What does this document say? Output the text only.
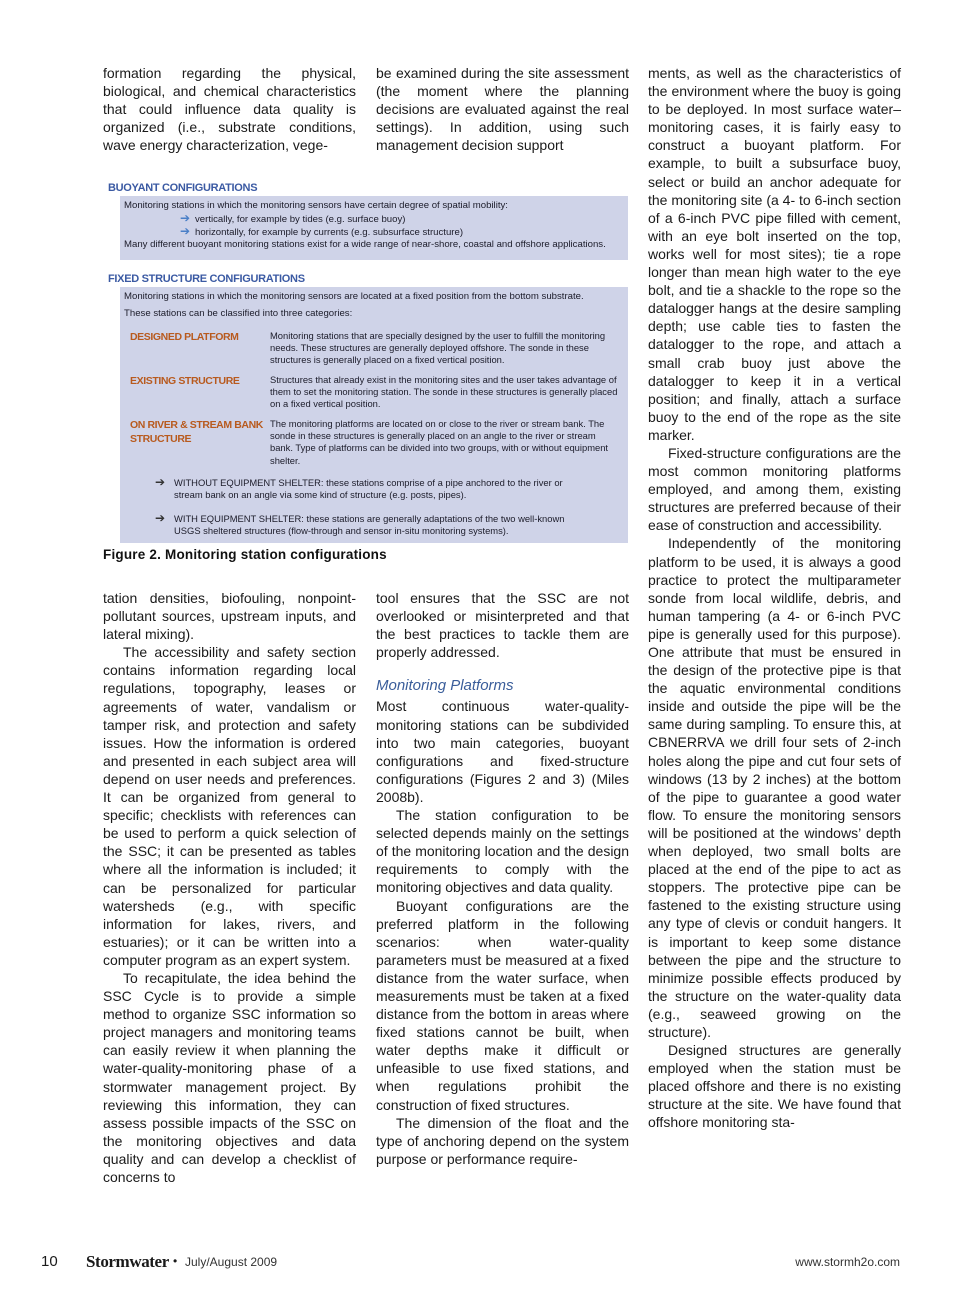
formation regarding the physical, biological, and chemical characteristics that could influence data quality is organized (i.e., substrate conditions, wave energy characterization, vege-

be examined during the site assessment (the moment where the planning decisions are evaluated against the real settings). In addition, using such management decision support

BUOYANT CONFIGURATIONS
Monitoring stations in which the monitoring sensors have certain degree of spatial mobility:
➔ vertically, for example by tides (e.g. surface buoy)
➔ horizontally, for example by currents (e.g. subsurface structure)
Many different buoyant monitoring stations exist for a wide range of near-shore, coastal and offshore applications.
FIXED STRUCTURE CONFIGURATIONS
Monitoring stations in which the monitoring sensors are located at a fixed position from the bottom substrate.
These stations can be classified into three categories:
DESIGNED PLATFORM	Monitoring stations that are specially designed by the user to fulfill the monitoring needs. These structures are generally deployed offshore. The sonde in these structures is generally placed on a fixed vertical position.
EXISTING STRUCTURE	Structures that already exist in the monitoring sites and the user takes advantage of them to set the monitoring station. The sonde in these structures is generally placed on a fixed vertical position.
ON RIVER & STREAM BANK STRUCTURE
The monitoring platforms are located on or close to the river or stream bank. The sonde in these structures is generally placed on an angle to the river or stream bank. Type of platforms can be divided into two groups, with or without equipment shelter.
➔ WITHOUT EQUIPMENT SHELTER: these stations comprise of a pipe anchored to the river or stream bank on an angle via some kind of structure (e.g. posts, pipes).
➔ WITH EQUIPMENT SHELTER: these stations are generally adaptations of the two well-known USGS sheltered structures (flow-through and sensor in-situ monitoring systems).
Figure 2. Monitoring station configurations

tation densities, biofouling, nonpoint-pollutant sources, upstream inputs, and lateral mixing).

The accessibility and safety section contains information regarding local regulations, topography, leases or agreements of water, vandalism or tamper risk, and protection and safety issues. How the information is ordered and presented in each subject area will depend on user needs and preferences. It can be organized from general to specific; checklists with references can be used to perform a quick selection of the SSC; it can be presented as tables where all the information is included; it can be personalized for particular watersheds (e.g., with specific information for lakes, rivers, and estuaries); or it can be written into a computer program as an expert system.

To recapitulate, the idea behind the SSC Cycle is to provide a simple method to organize SSC information so project managers and monitoring teams can easily review it when planning the water-quality-monitoring phase of a stormwater management project. By reviewing this information, they can assess possible impacts of the SSC on the monitoring objectives and data quality and can develop a checklist of concerns to

tool ensures that the SSC are not overlooked or misinterpreted and that the best practices to tackle them are properly addressed.

Monitoring Platforms

Most continuous water-quality-monitoring stations can be subdivided into two main categories, buoyant configurations and fixed-structure configurations (Figures 2 and 3) (Miles 2008b).

The station configuration to be selected depends mainly on the settings of the monitoring location and the design requirements to comply with the monitoring objectives and data quality.

Buoyant configurations are the preferred platform in the following scenarios: when water-quality parameters must be measured at a fixed distance from the water surface, when measurements must be taken at a fixed distance from the bottom in areas where fixed stations cannot be built, when water depths make it difficult or unfeasible to use fixed stations, and when regulations prohibit the construction of fixed structures.

The dimension of the float and the type of anchoring depend on the system purpose or performance require-

ments, as well as the characteristics of the environment where the buoy is going to be deployed. In most surface water–monitoring cases, it is fairly easy to construct a buoyant platform. For example, to built a subsurface buoy, select or build an anchor adequate for the monitoring site (a 4- to 6-inch section of a 6-inch PVC pipe filled with cement, with an eye bolt inserted on the top, works well for most sites); tie a rope longer than mean high water to the eye bolt, and tie a shackle to the rope so the datalogger hangs at the desire sampling depth; use cable ties to fasten the datalogger to the rope, and attach a small crab buoy just above the datalogger to keep it in a vertical position; and finally, attach a surface buoy to the end of the rope as the site marker.

Fixed-structure configurations are the most common monitoring platforms employed, and among them, existing structures are preferred because of their ease of construction and accessibility.

Independently of the monitoring platform to be used, it is always a good practice to protect the multiparameter sonde from local wildlife, debris, and human tampering (a 4- or 6-inch PVC pipe is generally used for this purpose). One attribute that must be ensured in the design of the protective pipe is that the aquatic environmental conditions inside and outside the pipe will be the same during sampling. To ensure this, at CBNERRVA we drill four sets of 2-inch holes along the pipe and cut four sets of windows (13 by 2 inches) at the bottom of the pipe to guarantee a good water flow. To ensure the monitoring sensors will be positioned at the windows’ depth when deployed, two small bolts are placed at the end of the pipe to act as stoppers. The protective pipe can be fastened to the existing structure using any type of clevis or conduit hangers. It is important to keep some distance between the pipe and the structure to minimize possible effects produced by the structure on the water-quality data (e.g., seaweed growing on the structure).

Designed structures are generally employed when the station must be placed offshore and there is no existing structure at the site. We have found that offshore monitoring sta-

10 Stormwater • July/August 2009	www.stormh2o.com
